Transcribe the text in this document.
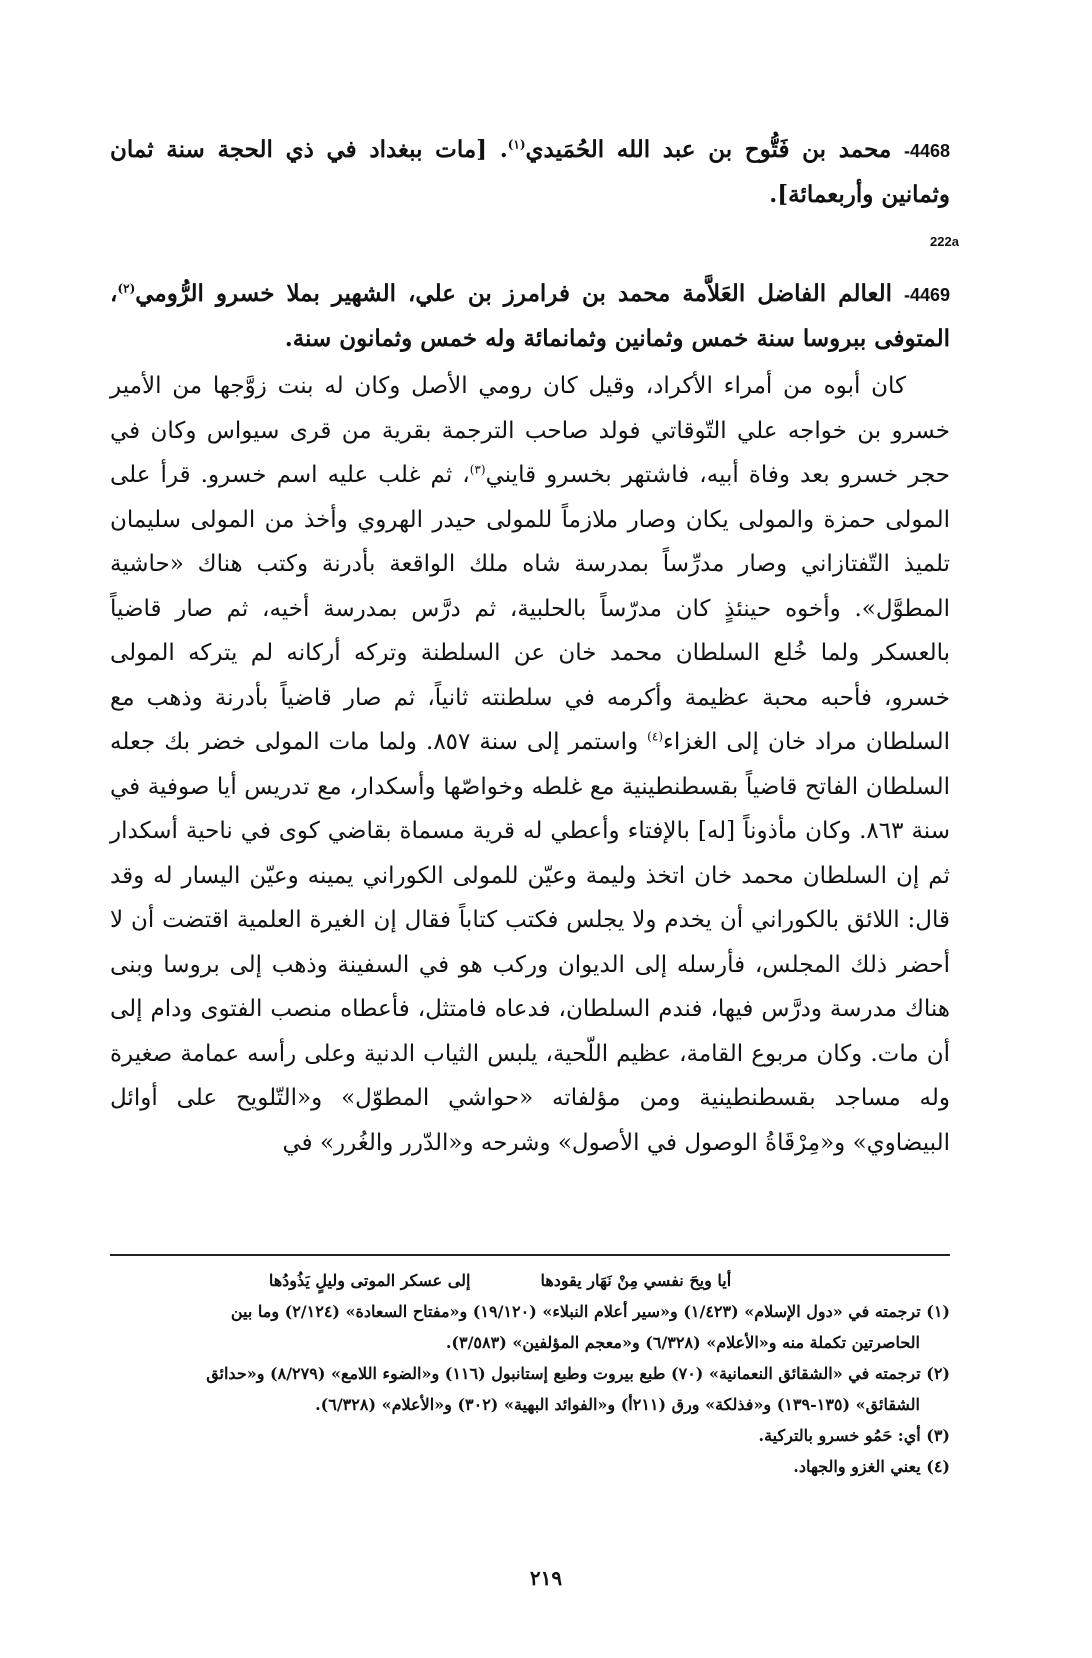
4468- محمد بن فَتُّوح بن عبد الله الحُمَيدي$^{(١)}$. [مات ببغداد في ذي الحجة سنة ثمان وثمانين وأربعمائة].
222a
4469- العالم الفاضل العَلاَّمة محمد بن فرامرز بن علي، الشهير بملا خسرو الرُّومي$^{(٢)}$، المتوفى ببروسا سنة خمس وثمانين وثمانمائة وله خمس وثمانون سنة.
كان أبوه من أمراء الأكراد، وقيل كان رومي الأصل وكان له بنت زوَّجها من الأمير خسرو بن خواجه علي التّوقاتي فولد صاحب الترجمة بقرية من قرى سيواس وكان في حجر خسرو بعد وفاة أبيه، فاشتهر بخسرو قايني$^{(٣)}$، ثم غلب عليه اسم خسرو. قرأ على المولى حمزة والمولى يكان وصار ملازماً للمولى حيدر الهروي وأخذ من المولى سليمان تلميذ التّفتازاني وصار مدرِّساً بمدرسة شاه ملك الواقعة بأدرنة وكتب هناك «حاشية المطوَّل». وأخوه حينئذٍ كان مدرّساً بالحلبية، ثم درَّس بمدرسة أخيه، ثم صار قاضياً بالعسكر ولما خُلع السلطان محمد خان عن السلطنة وتركه أركانه لم يتركه المولى خسرو، فأحبه محبة عظيمة وأكرمه في سلطنته ثانياً، ثم صار قاضياً بأدرنة وذهب مع السلطان مراد خان إلى الغزاء$^{(٤)}$ واستمر إلى سنة ٨٥٧. ولما مات المولى خضر بك جعله السلطان الفاتح قاضياً بقسطنطينية مع غلطه وخواصّها وأسكدار، مع تدريس أيا صوفية في سنة ٨٦٣. وكان مأذوناً [له] بالإفتاء وأعطي له قرية مسماة بقاضي كوى في ناحية أسكدار ثم إن السلطان محمد خان اتخذ وليمة وعيّن للمولى الكوراني يمينه وعيّن اليسار له وقد قال: اللائق بالكوراني أن يخدم ولا يجلس فكتب كتاباً فقال إن الغيرة العلمية اقتضت أن لا أحضر ذلك المجلس، فأرسله إلى الديوان وركب هو في السفينة وذهب إلى بروسا وبنى هناك مدرسة ودرَّس فيها، فندم السلطان، فدعاه فامتثل، فأعطاه منصب الفتوى ودام إلى أن مات. وكان مربوع القامة، عظيم اللّحية، يلبس الثياب الدنية وعلى رأسه عمامة صغيرة وله مساجد بقسطنطينية ومن مؤلفاته «حواشي المطوّل» و«التّلويح على أوائل البيضاوي» و«مِرْقَاةُ الوصول في الأصول» وشرحه و«الدّرر والغُرر» في
أيا ويحَ نفسي مِنْ نَهَار يقودها
إلى عسكر الموتى وليلٍ يَذُودُها
(١) ترجمته في «دول الإسلام» (١/٤٢٣) و«سير أعلام النبلاء» (١٩/١٢٠) و«مفتاح السعادة» (٢/١٢٤) وما بين
الحاصرتين تكملة منه و«الأعلام» (٦/٣٢٨) و«معجم المؤلفين» (٣/٥٨٣).
(٢) ترجمته في «الشقائق النعمانية» (٧٠) طبع بيروت وطبع إستانبول (١١٦) و«الضوء اللامع» (٨/٢٧٩) و«حدائق
الشقائق» (١٣٥-١٣٩) و«فذلكة» ورق (٢١١أ) و«الفوائد البهية» (٣٠٢) و«الأعلام» (٦/٣٢٨).
(٣) أي: حَمُو خسرو بالتركية.
(٤) يعني الغزو والجهاد.
٢١٩
